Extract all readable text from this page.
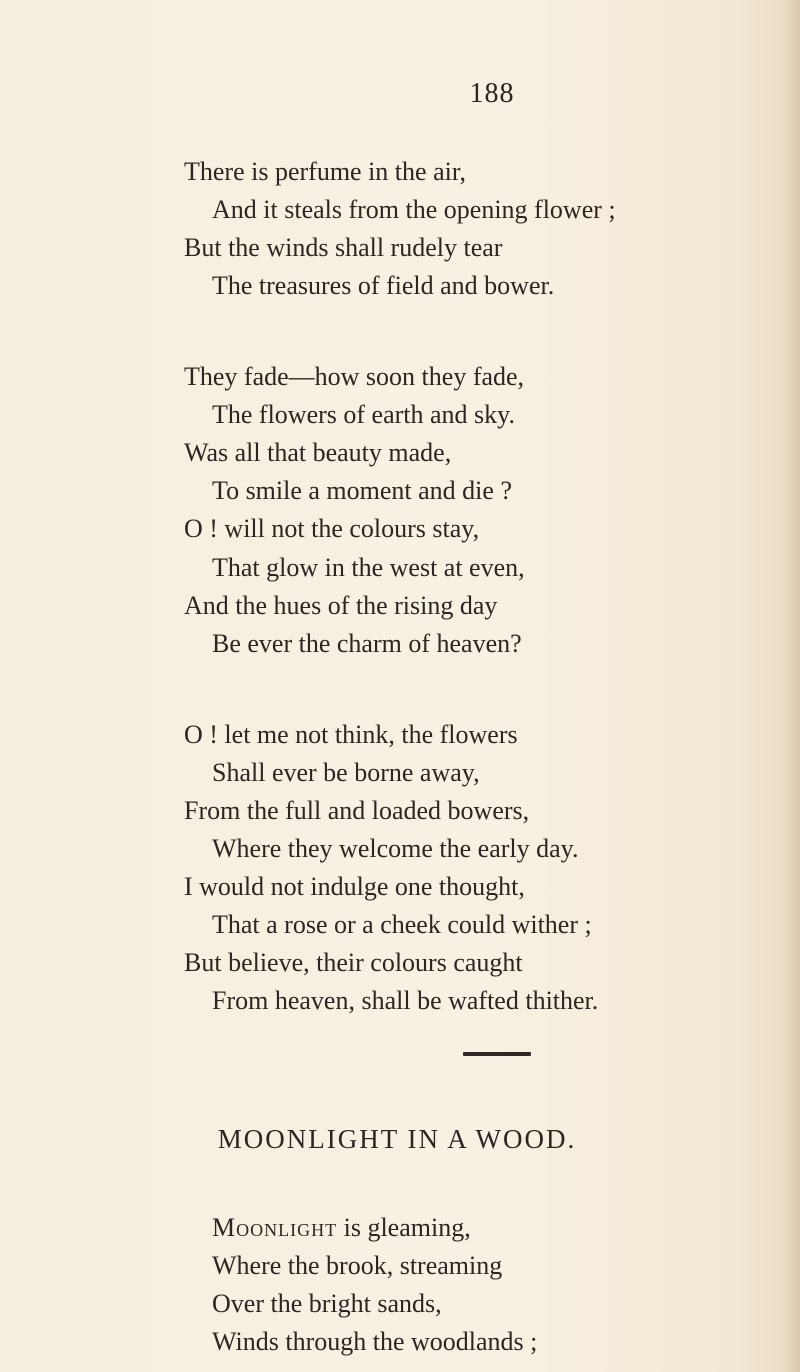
188
There is perfume in the air,
And it steals from the opening flower ;
But the winds shall rudely tear
The treasures of field and bower.
They fade—how soon they fade,
The flowers of earth and sky.
Was all that beauty made,
To smile a moment and die ?
O ! will not the colours stay,
That glow in the west at even,
And the hues of the rising day
Be ever the charm of heaven?
O ! let me not think, the flowers
Shall ever be borne away,
From the full and loaded bowers,
Where they welcome the early day.
I would not indulge one thought,
That a rose or a cheek could wither ;
But believe, their colours caught
From heaven, shall be wafted thither.
MOONLIGHT IN A WOOD.
Moonlight is gleaming,
Where the brook, streaming
Over the bright sands,
Winds through the woodlands ;
